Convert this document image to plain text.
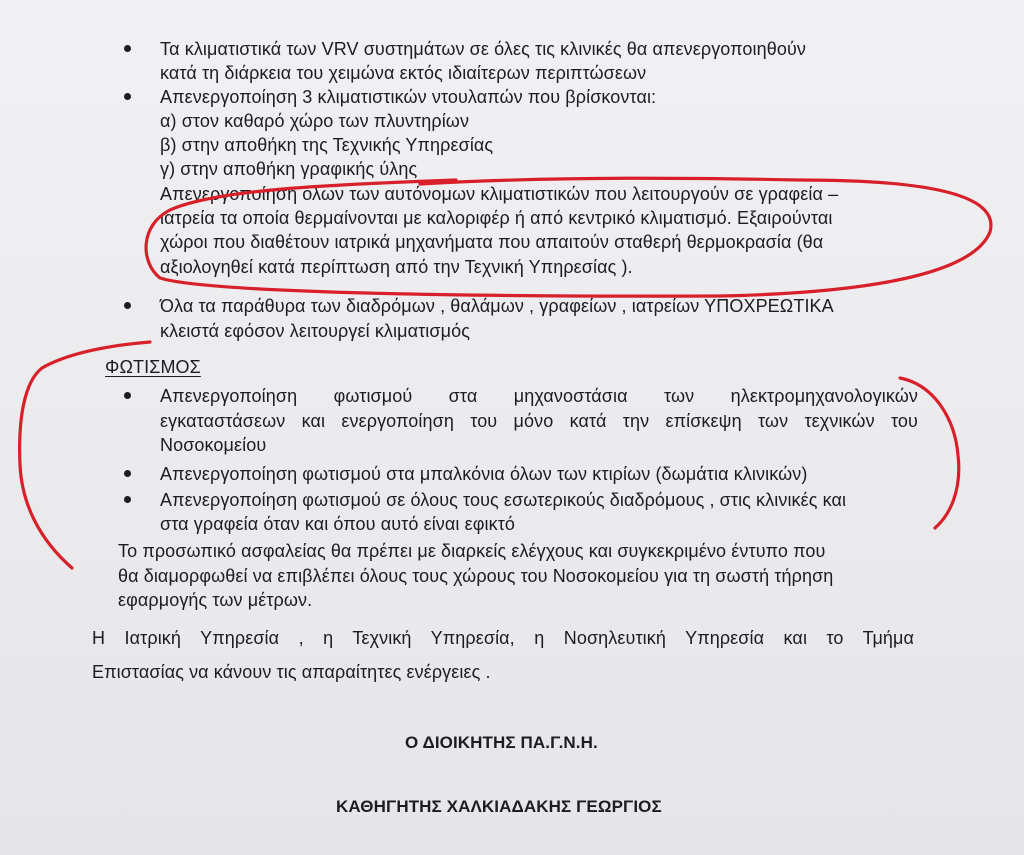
Τα κλιματιστικά των VRV συστημάτων σε όλες τις κλινικές θα απενεργοποιηθούν
κατά τη διάρκεια του χειμώνα εκτός ιδιαίτερων περιπτώσεων
Απενεργοποίηση 3 κλιματιστικών ντουλαπών που βρίσκονται:
α) στον καθαρό χώρο των πλυντηρίων
β) στην αποθήκη της Τεχνικής Υπηρεσίας
γ) στην αποθήκη γραφικής ύλης
Απενεργοποίηση όλων των αυτόνομων κλιματιστικών που λειτουργούν σε γραφεία –
ιατρεία τα οποία θερμαίνονται με καλοριφέρ ή από κεντρικό κλιματισμό. Εξαιρούνται
χώροι που διαθέτουν ιατρικά μηχανήματα που απαιτούν σταθερή θερμοκρασία (θα
αξιολογηθεί κατά περίπτωση από την Τεχνική Υπηρεσίας ).
Όλα τα παράθυρα των διαδρόμων , θαλάμων , γραφείων , ιατρείων ΥΠΟΧΡΕΩΤΙΚΑ
κλειστά εφόσον λειτουργεί κλιματισμός
ΦΩΤΙΣΜΟΣ
Απενεργοποίηση φωτισμού στα μηχανοστάσια των ηλεκτρομηχανολογικών
εγκαταστάσεων και ενεργοποίηση του μόνο κατά την επίσκεψη των τεχνικών του
Νοσοκομείου
Απενεργοποίηση φωτισμού στα μπαλκόνια όλων των κτιρίων (δωμάτια κλινικών)
Απενεργοποίηση φωτισμού σε όλους τους εσωτερικούς διαδρόμους , στις κλινικές και
στα γραφεία όταν και όπου αυτό είναι εφικτό
Το προσωπικό ασφαλείας θα πρέπει με διαρκείς ελέγχους και συγκεκριμένο έντυπο που
θα διαμορφωθεί να επιβλέπει όλους τους χώρους του Νοσοκομείου για τη σωστή τήρηση
εφαρμογής των μέτρων.
Η Ιατρική Υπηρεσία , η Τεχνική Υπηρεσία, η Νοσηλευτική Υπηρεσία και το Τμήμα
Επιστασίας να κάνουν τις απαραίτητες ενέργειες .
Ο ΔΙΟΙΚΗΤΗΣ ΠΑ.Γ.Ν.Η.
ΚΑΘΗΓΗΤΗΣ ΧΑΛΚΙΑΔΑΚΗΣ ΓΕΩΡΓΙΟΣ
